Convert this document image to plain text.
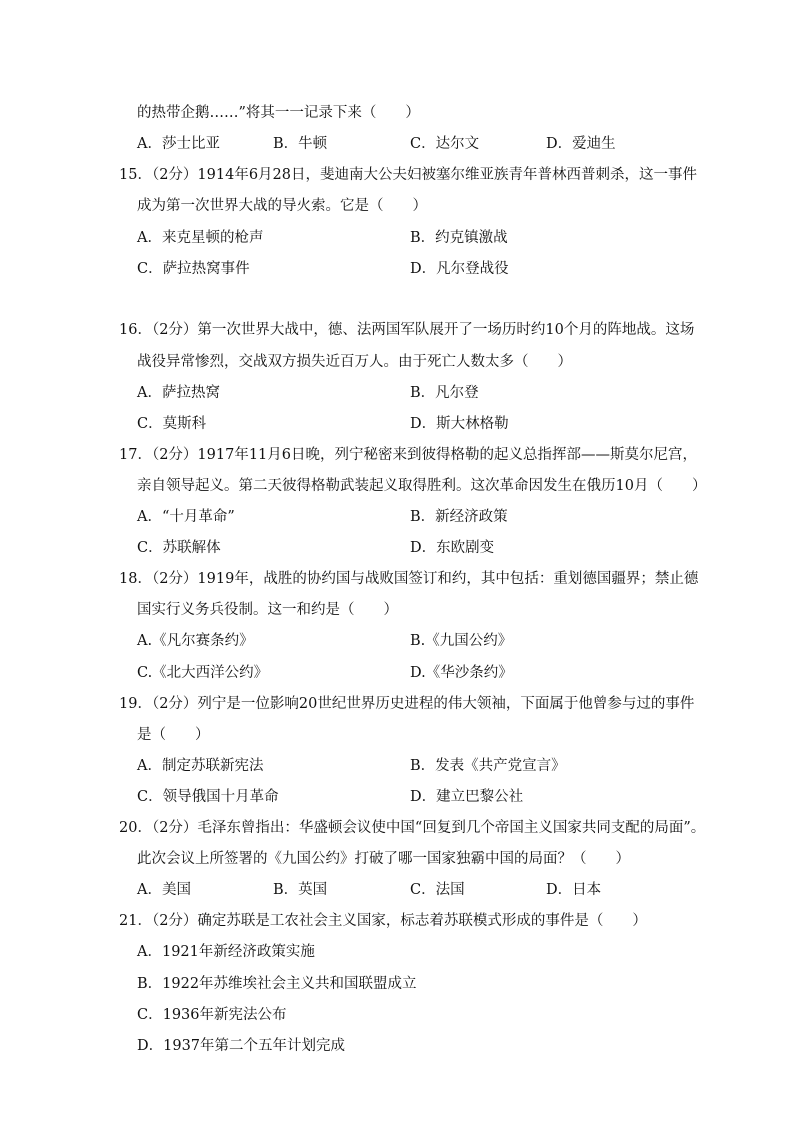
的热带企鹅……”将其一一记录下来（　　）
A．莎士比亚	B．牛顿	C．达尔文	D．爱迪生
15．（2分）1914年6月28日，斐迪南大公夫妇被塞尔维亚族青年普林西普刺杀，这一事件
成为第一次世界大战的导火索。它是（　　）
A．来克星顿的枪声	B．约克镇激战
C．萨拉热窝事件	D．凡尔登战役
16．（2分）第一次世界大战中，德、法两国军队展开了一场历时约10个月的阵地战。这场
战役异常惨烈，交战双方损失近百万人。由于死亡人数太多（　　）
A．萨拉热窝	B．凡尔登
C．莫斯科	D．斯大林格勒
17．（2分）1917年11月6日晚，列宁秘密来到彼得格勒的起义总指挥部——斯莫尔尼宫，
亲自领导起义。第二天彼得格勒武装起义取得胜利。这次革命因发生在俄历10月（　　）
A．“十月革命”	B．新经济政策
C．苏联解体	D．东欧剧变
18．（2分）1919年，战胜的协约国与战败国签订和约，其中包括：重划德国疆界；禁止德
国实行义务兵役制。这一和约是（　　）
A.《凡尔赛条约》	B.《九国公约》
C.《北大西洋公约》	D.《华沙条约》
19．（2分）列宁是一位影响20世纪世界历史进程的伟大领袖，下面属于他曾参与过的事件
是（　　）
A．制定苏联新宪法	B．发表《共产党宣言》
C．领导俄国十月革命	D．建立巴黎公社
20．（2分）毛泽东曾指出：华盛顿会议使中国“回复到几个帝国主义国家共同支配的局面”。
此次会议上所签署的《九国公约》打破了哪一国家独霸中国的局面？（　　）
A．美国	B．英国	C．法国	D．日本
21．（2分）确定苏联是工农社会主义国家，标志着苏联模式形成的事件是（　　）
A．1921年新经济政策实施
B．1922年苏维埃社会主义共和国联盟成立
C．1936年新宪法公布
D．1937年第二个五年计划完成
